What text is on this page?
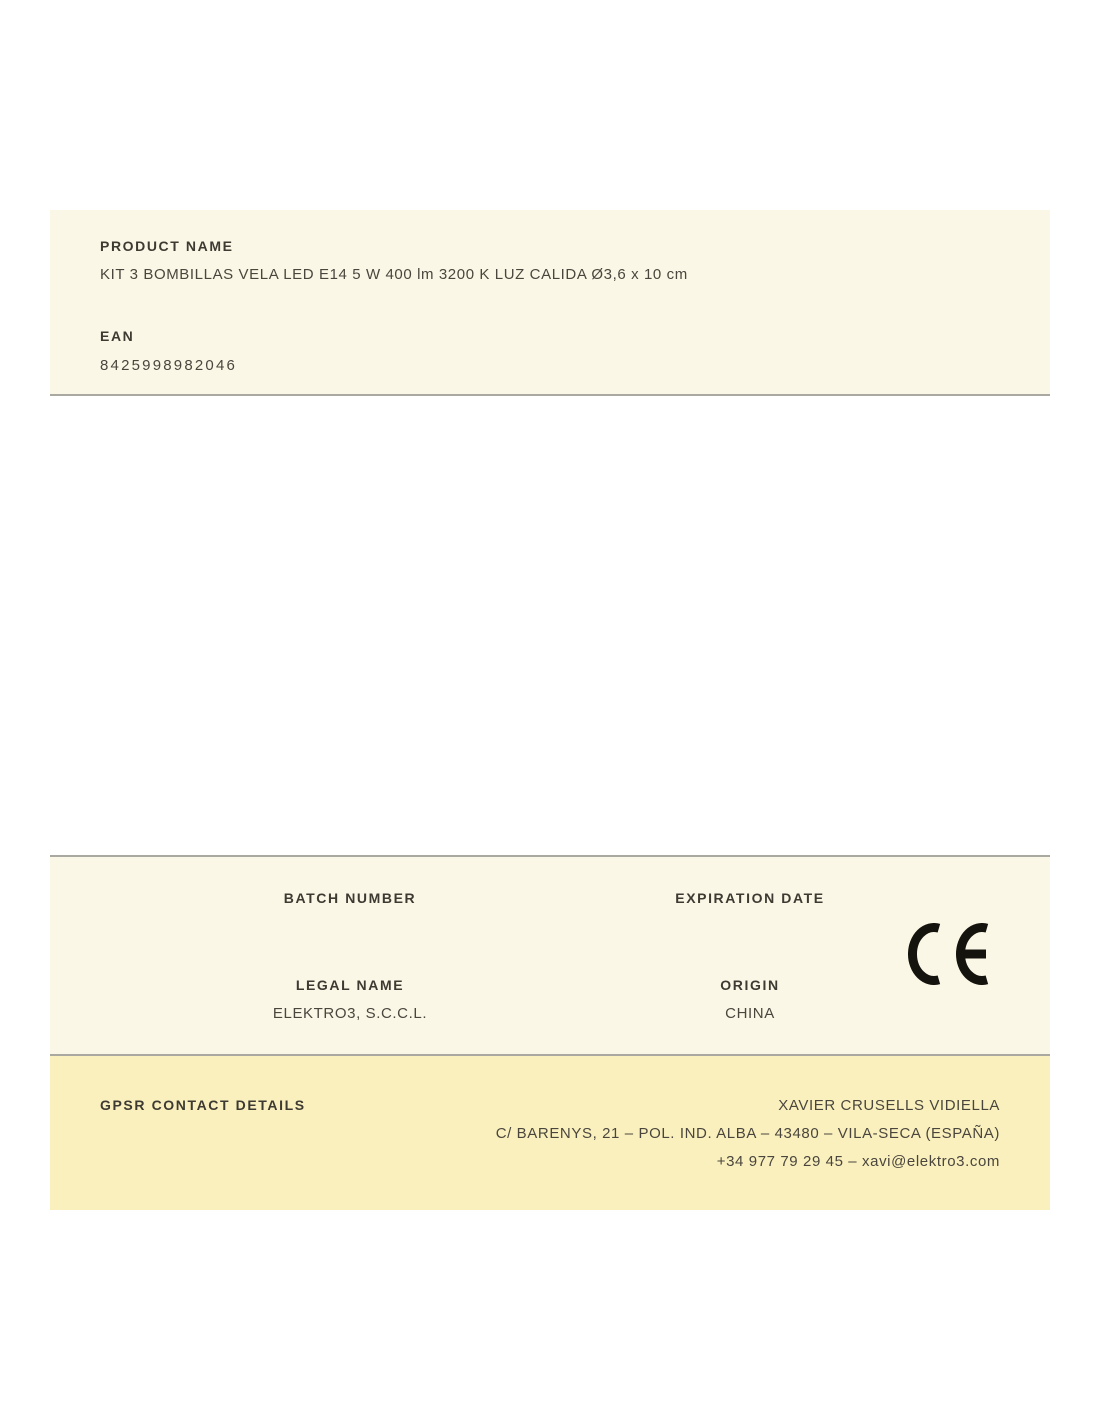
PRODUCT NAME
KIT 3 BOMBILLAS VELA LED E14 5 W 400 lm 3200 K LUZ CALIDA Ø3,6 x 10 cm
EAN
8425998982046
BATCH NUMBER	EXPIRATION DATE
LEGAL NAME	ORIGIN
ELEKTRO3, S.C.C.L.	CHINA
GPSR CONTACT DETAILS	XAVIER CRUSELLS VIDIELLA
C/ BARENYS, 21 – POL. IND. ALBA – 43480 – VILA-SECA (ESPAÑA)
+34 977 79 29 45 – xavi@elektro3.com
